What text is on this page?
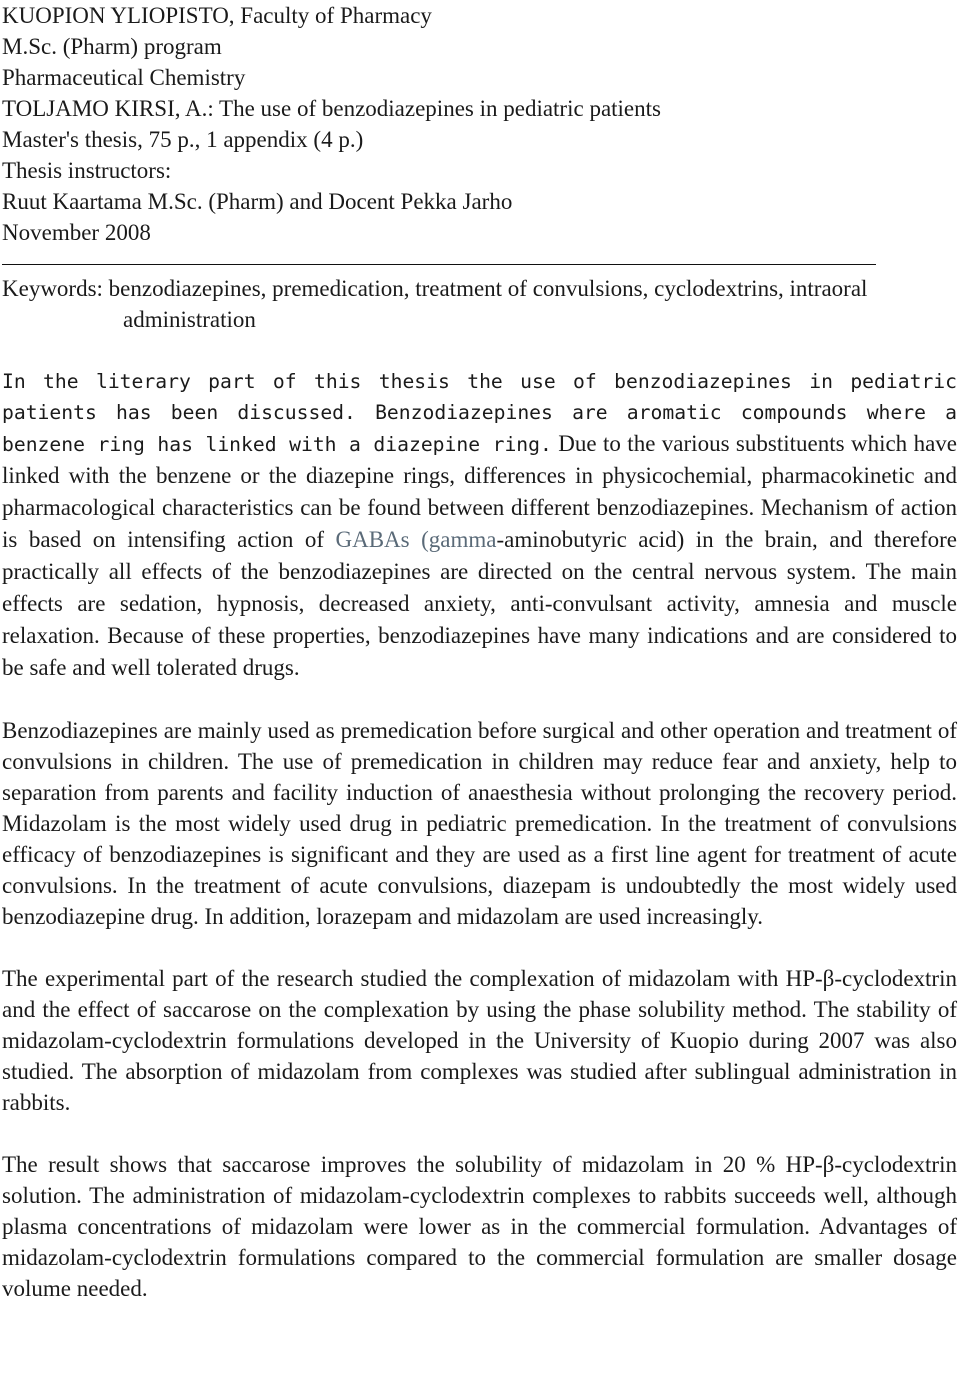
KUOPION YLIOPISTO, Faculty of Pharmacy
M.Sc. (Pharm) program
Pharmaceutical Chemistry
TOLJAMO KIRSI, A.: The use of benzodiazepines in pediatric patients
Master's thesis, 75 p., 1 appendix (4 p.)
Thesis instructors:
Ruut Kaartama M.Sc. (Pharm) and Docent Pekka Jarho
November 2008
Keywords: benzodiazepines, premedication, treatment of convulsions, cyclodextrins, intraoral administration
In the literary part of this thesis the use of benzodiazepines in pediatric patients has been discussed. Benzodiazepines are aromatic compounds where a benzene ring has linked with a diazepine ring. Due to the various substituents which have linked with the benzene or the diazepine rings, differences in physicochemial, pharmacokinetic and pharmacological characteristics can be found between different benzodiazepines. Mechanism of action is based on intensifing action of GABAs (gamma-aminobutyric acid) in the brain, and therefore practically all effects of the benzodiazepines are directed on the central nervous system. The main effects are sedation, hypnosis, decreased anxiety, anti-convulsant activity, amnesia and muscle relaxation. Because of these properties, benzodiazepines have many indications and are considered to be safe and well tolerated drugs.
Benzodiazepines are mainly used as premedication before surgical and other operation and treatment of convulsions in children. The use of premedication in children may reduce fear and anxiety, help to separation from parents and facility induction of anaesthesia without prolonging the recovery period. Midazolam is the most widely used drug in pediatric premedication. In the treatment of convulsions efficacy of benzodiazepines is significant and they are used as a first line agent for treatment of acute convulsions. In the treatment of acute convulsions, diazepam is undoubtedly the most widely used benzodiazepine drug. In addition, lorazepam and midazolam are used increasingly.
The experimental part of the research studied the complexation of midazolam with HP-β-cyclodextrin and the effect of saccarose on the complexation by using the phase solubility method. The stability of midazolam-cyclodextrin formulations developed in the University of Kuopio during 2007 was also studied. The absorption of midazolam from complexes was studied after sublingual administration in rabbits.
The result shows that saccarose improves the solubility of midazolam in 20 % HP-β-cyclodextrin solution. The administration of midazolam-cyclodextrin complexes to rabbits succeeds well, although plasma concentrations of midazolam were lower as in the commercial formulation. Advantages of midazolam-cyclodextrin formulations compared to the commercial formulation are smaller dosage volume needed.
